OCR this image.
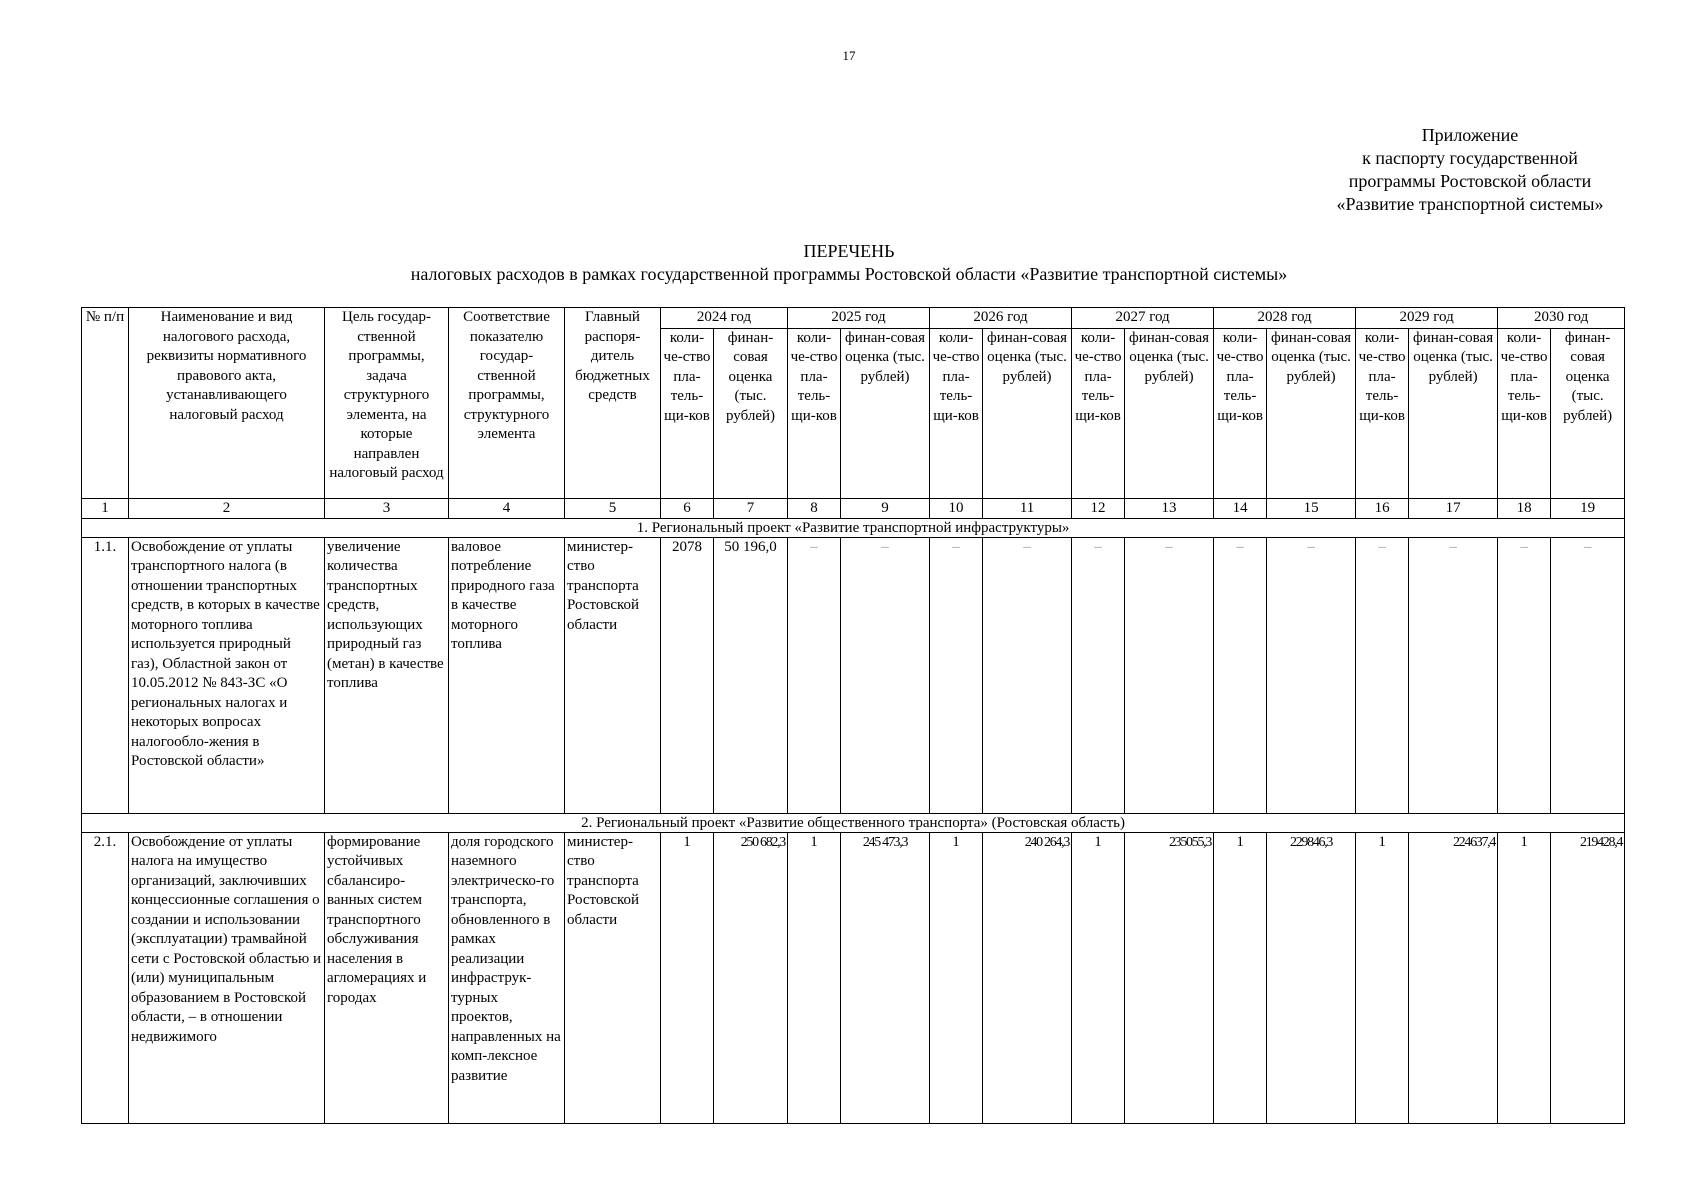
17
Приложение
к паспорту государственной
программы Ростовской области
«Развитие транспортной системы»
ПЕРЕЧЕНЬ
налоговых расходов в рамках государственной программы Ростовской области «Развитие транспортной системы»
№ п/п	Наименование и вид налогового расхода, реквизиты нормативного правового акта, устанавливающего налоговый расход	Цель государ-ственной программы, задача структурного элемента, на которые направлен налоговый расход	Соответствие показателю государ-ственной программы, структурного элемента	Главный распоря-дитель бюджетных средств	2024 год		2025 год		2026 год		2027 год		2028 год		2029 год		2030 год	
					коли-че-ство пла-тель-щи-ков	финан-совая оценка (тыс. рублей)	коли-че-ство пла-тель-щи-ков	финан-совая оценка (тыс. рублей)	коли-че-ство пла-тель-щи-ков	финан-совая оценка (тыс. рублей)	коли-че-ство пла-тель-щи-ков	финан-совая оценка (тыс. рублей)	коли-че-ство пла-тель-щи-ков	финан-совая оценка (тыс. рублей)	коли-че-ство пла-тель-щи-ков	финан-совая оценка (тыс. рублей)	коли-че-ство пла-тель-щи-ков	финан-совая оценка (тыс. рублей)
1	2	3	4	5	6	7	8	9	10	11	12	13	14	15	16	17	18	19
1. Региональный проект «Развитие транспортной инфраструктуры»																		
1.1.	Освобождение от уплаты транспортного налога (в отношении транспортных средств, в которых в качестве моторного топлива используется природный газ), Областной закон от 10.05.2012 № 843-ЗС «О региональных налогах и некоторых вопросах налогообло-жения в Ростовской области»	увеличение количества транспортных средств, использующих природный газ (метан) в качестве топлива	валовое потребление природного газа в качестве моторного топлива	министер-ство транспорта Ростовской области	2078	50 196,0	–	–	–	–	–	–	–	–	–	–	–	–
2. Региональный проект «Развитие общественного транспорта» (Ростовская область)																		
2.1.	Освобождение от уплаты налога на имущество организаций, заключивших концессионные соглашения о создании и использовании (эксплуатации) трамвайной сети с Ростовской областью и (или) муниципальным образованием в Ростовской области, – в отношении недвижимого	формирование устойчивых сбалансиро-ванных систем транспортного обслуживания населения в агломерациях и городах	доля городского наземного электрическо-го транспорта, обновленного в рамках реализации инфраструк-турных проектов, направленных на комп-лексное развитие	министер-ство транспорта Ростовской области	1	250 682,3	1	245 473,3	1	240 264,3	1	235055,3	1	229846,3	1	224637,4	1	219428,4
